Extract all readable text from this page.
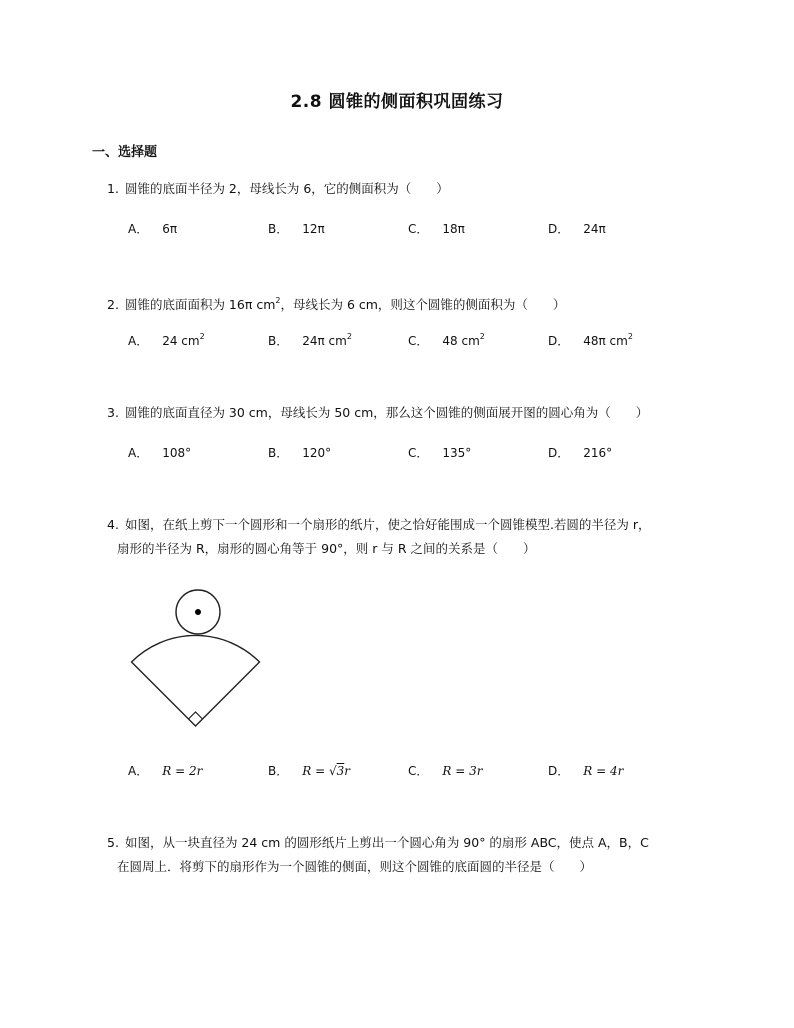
2.8 圆锥的侧面积巩固练习
一、选择题
1. 圆锥的底面半径为 2，母线长为 6，它的侧面积为（　　）
A． 6π	B． 12π	C． 18π	D． 24π
2. 圆锥的底面面积为 16π $cm^2$，母线长为 6 cm，则这个圆锥的侧面积为（　　）
A． 24 $cm^2$	B． 24π $cm^2$	C． 48 $cm^2$	D． 48π $cm^2$
3. 圆锥的底面直径为 30 cm，母线长为 50 cm，那么这个圆锥的侧面展开图的圆心角为（　　）
A． 108°	B． 120°	C． 135°	D． 216°
4. 如图，在纸上剪下一个圆形和一个扇形的纸片，使之恰好能围成一个圆锥模型.若圆的半径为 r，
扇形的半径为 R，扇形的圆心角等于 90°，则 r 与 R 之间的关系是（　　）
A． R = 2r	B． R = √3r	C． R = 3r	D． R = 4r
5. 如图，从一块直径为 24 cm 的圆形纸片上剪出一个圆心角为 90° 的扇形 ABC，使点 A，B，C
在圆周上．将剪下的扇形作为一个圆锥的侧面，则这个圆锥的底面圆的半径是（　　）
